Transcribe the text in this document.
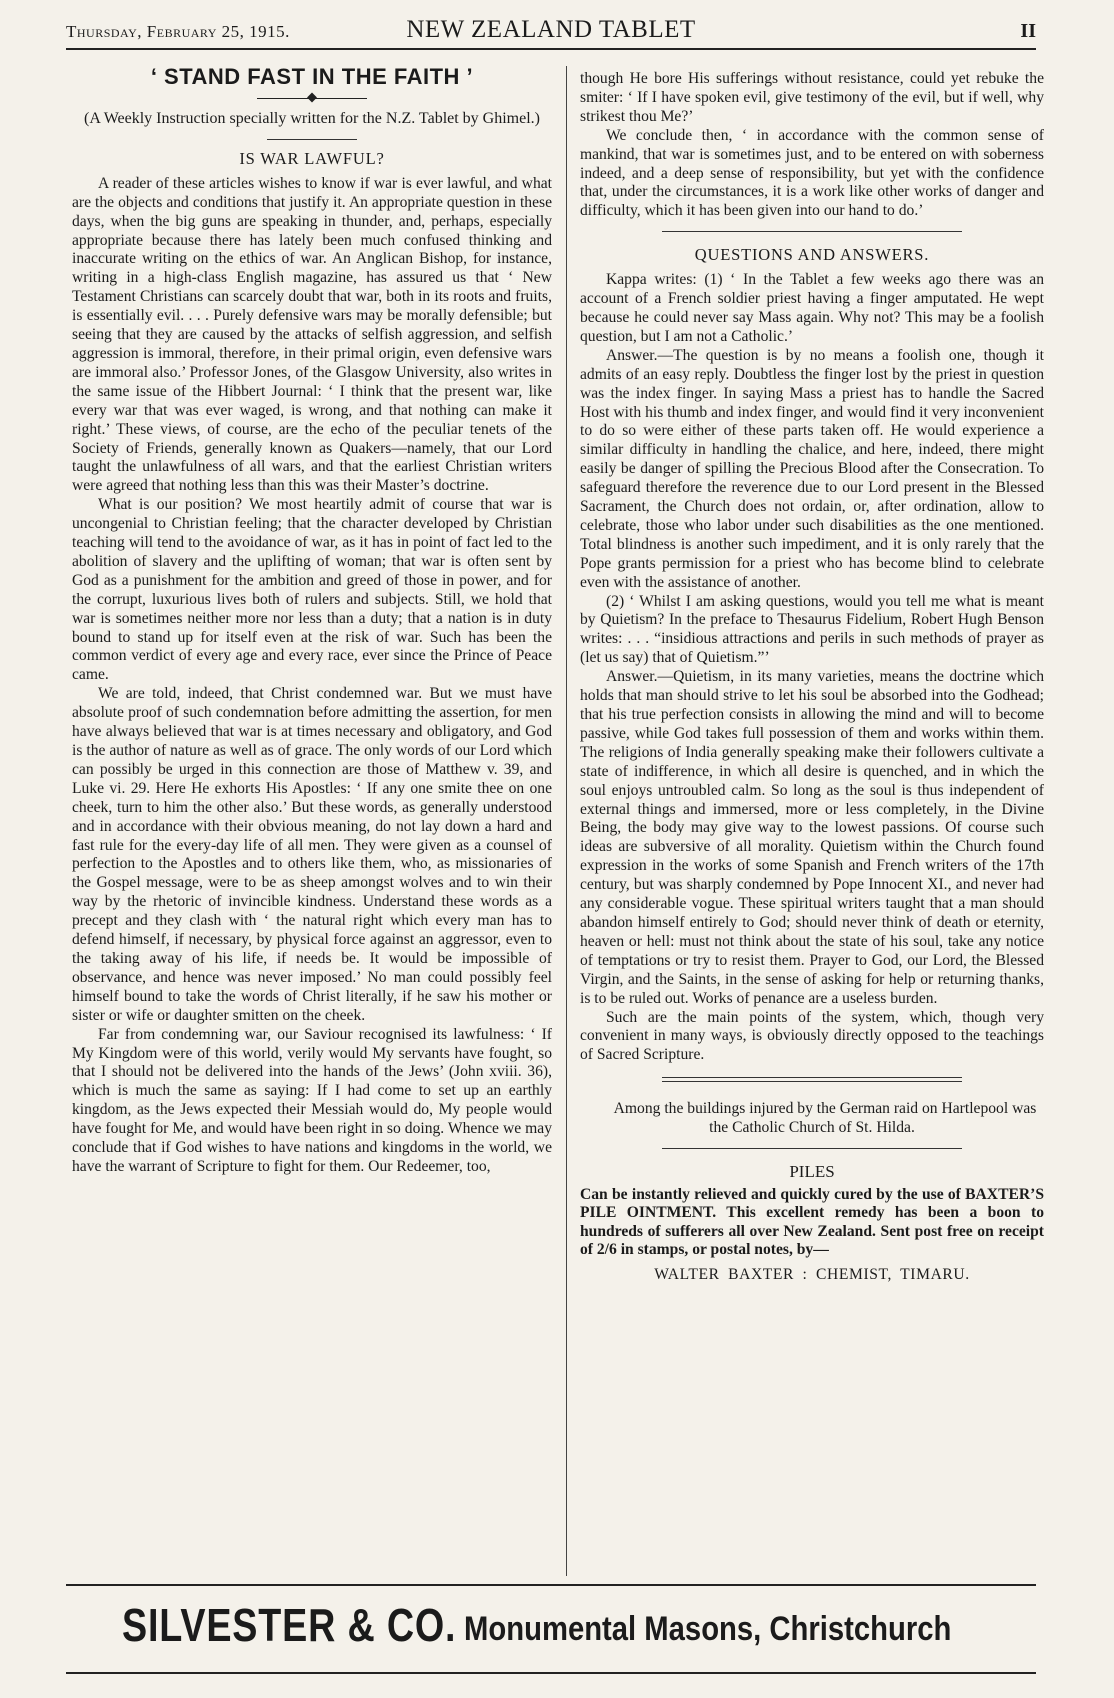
Thursday, February 25, 1915.	NEW ZEALAND TABLET	II
‘ STAND FAST IN THE FAITH ’
(A Weekly Instruction specially written for the N.Z. Tablet by Ghimel.)
IS WAR LAWFUL?

A reader of these articles wishes to know if war is ever lawful, and what are the objects and conditions that justify it. An appropriate question in these days, when the big guns are speaking in thunder, and, perhaps, especially appropriate because there has lately been much confused thinking and inaccurate writing on the ethics of war. An Anglican Bishop, for instance, writing in a high-class English magazine, has assured us that ‘ New Testament Christians can scarcely doubt that war, both in its roots and fruits, is essentially evil. . . . Purely defensive wars may be morally defensible; but seeing that they are caused by the attacks of selfish aggression, and selfish aggression is immoral, therefore, in their primal origin, even defensive wars are immoral also.’ Professor Jones, of the Glasgow University, also writes in the same issue of the Hibbert Journal: ‘ I think that the present war, like every war that was ever waged, is wrong, and that nothing can make it right.’ These views, of course, are the echo of the peculiar tenets of the Society of Friends, generally known as Quakers—namely, that our Lord taught the unlawfulness of all wars, and that the earliest Christian writers were agreed that nothing less than this was their Master’s doctrine.

What is our position? We most heartily admit of course that war is uncongenial to Christian feeling; that the character developed by Christian teaching will tend to the avoidance of war, as it has in point of fact led to the abolition of slavery and the uplifting of woman; that war is often sent by God as a punishment for the ambition and greed of those in power, and for the corrupt, luxurious lives both of rulers and subjects. Still, we hold that war is sometimes neither more nor less than a duty; that a nation is in duty bound to stand up for itself even at the risk of war. Such has been the common verdict of every age and every race, ever since the Prince of Peace came.

We are told, indeed, that Christ condemned war. But we must have absolute proof of such condemnation before admitting the assertion, for men have always believed that war is at times necessary and obligatory, and God is the author of nature as well as of grace. The only words of our Lord which can possibly be urged in this connection are those of Matthew v. 39, and Luke vi. 29. Here He exhorts His Apostles: ‘ If any one smite thee on one cheek, turn to him the other also.’ But these words, as generally understood and in accordance with their obvious meaning, do not lay down a hard and fast rule for the every-day life of all men. They were given as a counsel of perfection to the Apostles and to others like them, who, as missionaries of the Gospel message, were to be as sheep amongst wolves and to win their way by the rhetoric of invincible kindness. Understand these words as a precept and they clash with ‘ the natural right which every man has to defend himself, if necessary, by physical force against an aggressor, even to the taking away of his life, if needs be. It would be impossible of observance, and hence was never imposed.’ No man could possibly feel himself bound to take the words of Christ literally, if he saw his mother or sister or wife or daughter smitten on the cheek.

Far from condemning war, our Saviour recognised its lawfulness: ‘ If My Kingdom were of this world, verily would My servants have fought, so that I should not be delivered into the hands of the Jews’ (John xviii. 36), which is much the same as saying: If I had come to set up an earthly kingdom, as the Jews expected their Messiah would do, My people would have fought for Me, and would have been right in so doing. Whence we may conclude that if God wishes to have nations and kingdoms in the world, we have the warrant of Scripture to fight for them. Our Redeemer, too,

though He bore His sufferings without resistance, could yet rebuke the smiter: ‘ If I have spoken evil, give testimony of the evil, but if well, why strikest thou Me?’

We conclude then, ‘ in accordance with the common sense of mankind, that war is sometimes just, and to be entered on with soberness indeed, and a deep sense of responsibility, but yet with the confidence that, under the circumstances, it is a work like other works of danger and difficulty, which it has been given into our hand to do.’

QUESTIONS AND ANSWERS.

Kappa writes: (1) ‘ In the Tablet a few weeks ago there was an account of a French soldier priest having a finger amputated. He wept because he could never say Mass again. Why not? This may be a foolish question, but I am not a Catholic.’

Answer.—The question is by no means a foolish one, though it admits of an easy reply. Doubtless the finger lost by the priest in question was the index finger. In saying Mass a priest has to handle the Sacred Host with his thumb and index finger, and would find it very inconvenient to do so were either of these parts taken off. He would experience a similar difficulty in handling the chalice, and here, indeed, there might easily be danger of spilling the Precious Blood after the Consecration. To safeguard therefore the reverence due to our Lord present in the Blessed Sacrament, the Church does not ordain, or, after ordination, allow to celebrate, those who labor under such disabilities as the one mentioned. Total blindness is another such impediment, and it is only rarely that the Pope grants permission for a priest who has become blind to celebrate even with the assistance of another.

(2) ‘ Whilst I am asking questions, would you tell me what is meant by Quietism? In the preface to Thesaurus Fidelium, Robert Hugh Benson writes: . . . “insidious attractions and perils in such methods of prayer as (let us say) that of Quietism.”’

Answer.—Quietism, in its many varieties, means the doctrine which holds that man should strive to let his soul be absorbed into the Godhead; that his true perfection consists in allowing the mind and will to become passive, while God takes full possession of them and works within them. The religions of India generally speaking make their followers cultivate a state of indifference, in which all desire is quenched, and in which the soul enjoys untroubled calm. So long as the soul is thus independent of external things and immersed, more or less completely, in the Divine Being, the body may give way to the lowest passions. Of course such ideas are subversive of all morality. Quietism within the Church found expression in the works of some Spanish and French writers of the 17th century, but was sharply condemned by Pope Innocent XI., and never had any considerable vogue. These spiritual writers taught that a man should abandon himself entirely to God; should never think of death or eternity, heaven or hell: must not think about the state of his soul, take any notice of temptations or try to resist them. Prayer to God, our Lord, the Blessed Virgin, and the Saints, in the sense of asking for help or returning thanks, is to be ruled out. Works of penance are a useless burden.

Such are the main points of the system, which, though very convenient in many ways, is obviously directly opposed to the teachings of Sacred Scripture.

Among the buildings injured by the German raid on Hartlepool was the Catholic Church of St. Hilda.

PILES
Can be instantly relieved and quickly cured by the use of BAXTER’S PILE OINTMENT. This excellent remedy has been a boon to hundreds of sufferers all over New Zealand. Sent post free on receipt of 2/6 in stamps, or postal notes, by—
WALTER BAXTER : CHEMIST, TIMARU.
SILVESTER & CO. Monumental Masons, Christchurch
